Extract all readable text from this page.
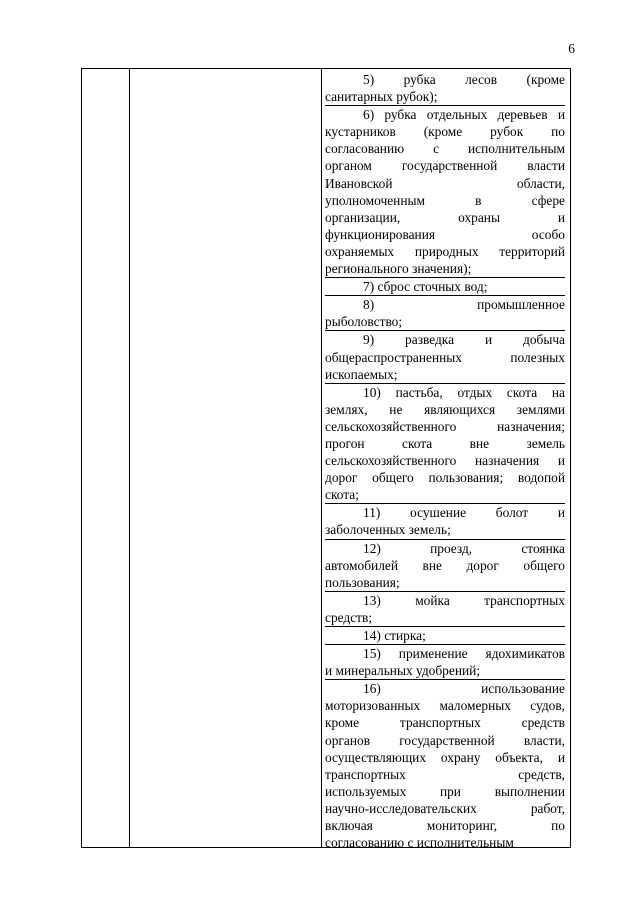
6
5) рубка лесов (кроме
санитарных рубок);
6) рубка отдельных деревьев и
кустарников (кроме рубок по
согласованию с исполнительным
органом государственной власти
Ивановской области,
уполномоченным в сфере
организации, охраны и
функционирования особо
охраняемых природных территорий
регионального значения);
7) сброс сточных вод;
8) промышленное
рыболовство;
9) разведка и добыча
общераспространенных полезных
ископаемых;
10) пастьба, отдых скота на
землях, не являющихся землями
сельскохозяйственного назначения;
прогон скота вне земель
сельскохозяйственного назначения и
дорог общего пользования; водопой
скота;
11) осушение болот и
заболоченных земель;
12) проезд, стоянка
автомобилей вне дорог общего
пользования;
13) мойка транспортных
средств;
14) стирка;
15) применение ядохимикатов
и минеральных удобрений;
16) использование
моторизованных маломерных судов,
кроме транспортных средств
органов государственной власти,
осуществляющих охрану объекта, и
транспортных средств,
используемых при выполнении
научно-исследовательских работ,
включая мониторинг, по
согласованию с исполнительным
